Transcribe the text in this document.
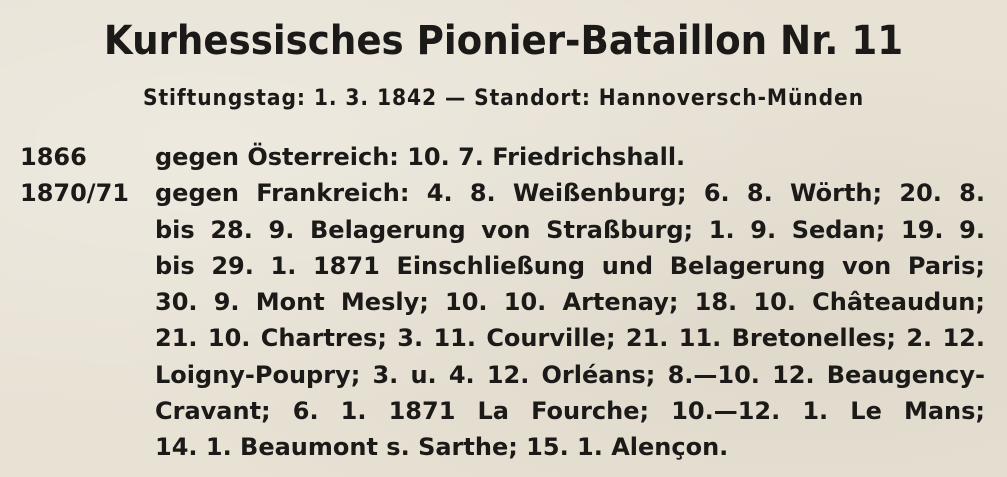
Kurhessisches Pionier-Bataillon Nr. 11
Stiftungstag: 1. 3. 1842 — Standort: Hannoversch-Münden
1866	gegen Österreich: 10. 7. Friedrichshall.
1870/71	gegen Frankreich: 4. 8. Weißenburg; 6. 8. Wörth; 20. 8.
bis 28. 9. Belagerung von Straßburg; 1. 9. Sedan; 19. 9.
bis 29. 1. 1871 Einschließung und Belagerung von Paris;
30. 9. Mont Mesly; 10. 10. Artenay; 18. 10. Châteaudun;
21. 10. Chartres; 3. 11. Courville; 21. 11. Bretonelles; 2. 12.
Loigny-Poupry; 3. u. 4. 12. Orléans; 8.—10. 12. Beaugency-
Cravant; 6. 1. 1871 La Fourche; 10.—12. 1. Le Mans;
14. 1. Beaumont s. Sarthe; 15. 1. Alençon.
